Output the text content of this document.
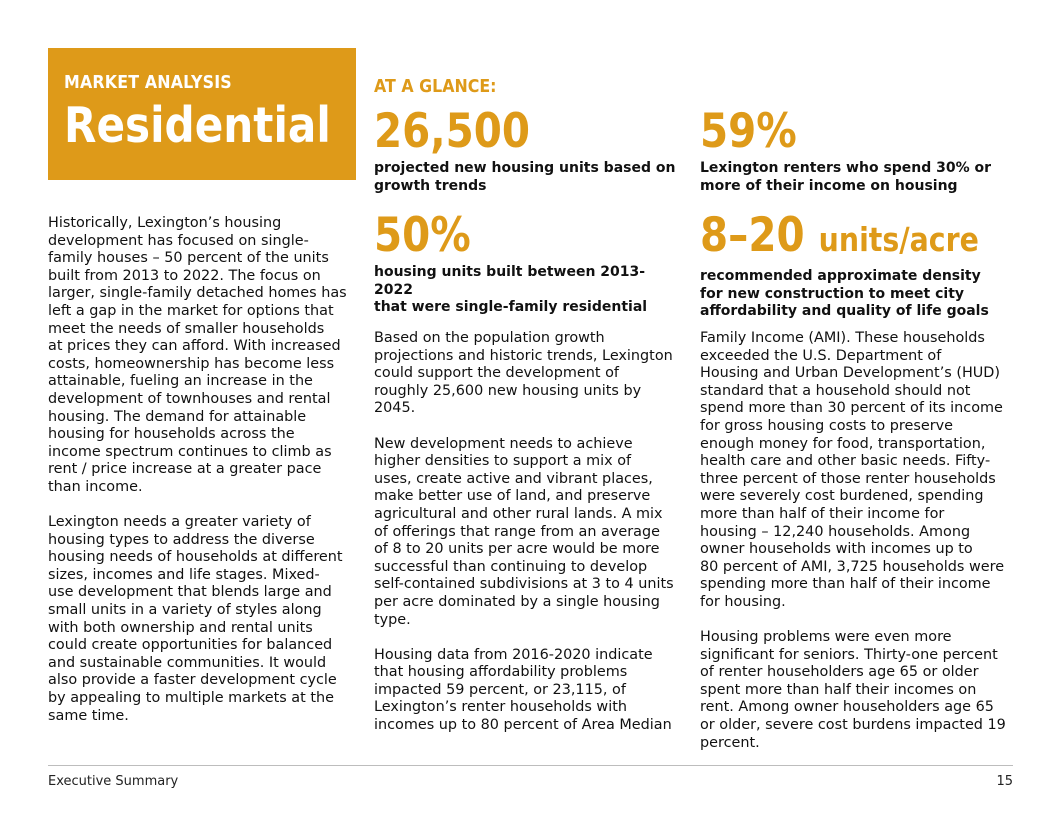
MARKET ANALYSIS
Residential
AT A GLANCE:
26,500
projected new housing units based on
growth trends
59%
Lexington renters who spend 30% or
more of their income on housing
50%
housing units built between 2013-2022
that were single-family residential
8–20 units/acre
recommended approximate density
for new construction to meet city
affordability and quality of life goals

Historically, Lexington’s housing
development has focused on single-
family houses – 50 percent of the units
built from 2013 to 2022. The focus on
larger, single-family detached homes has
left a gap in the market for options that
meet the needs of smaller households
at prices they can afford. With increased
costs, homeownership has become less
attainable, fueling an increase in the
development of townhouses and rental
housing. The demand for attainable
housing for households across the
income spectrum continues to climb as
rent / price increase at a greater pace
than income.

Lexington needs a greater variety of
housing types to address the diverse
housing needs of households at different
sizes, incomes and life stages. Mixed-
use development that blends large and
small units in a variety of styles along
with both ownership and rental units
could create opportunities for balanced
and sustainable communities. It would
also provide a faster development cycle
by appealing to multiple markets at the
same time.

Based on the population growth
projections and historic trends, Lexington
could support the development of
roughly 25,600 new housing units by
2045.

New development needs to achieve
higher densities to support a mix of
uses, create active and vibrant places,
make better use of land, and preserve
agricultural and other rural lands. A mix
of offerings that range from an average
of 8 to 20 units per acre would be more
successful than continuing to develop
self-contained subdivisions at 3 to 4 units
per acre dominated by a single housing
type.

Housing data from 2016-2020 indicate
that housing affordability problems
impacted 59 percent, or 23,115, of
Lexington’s renter households with
incomes up to 80 percent of Area Median

Family Income (AMI). These households
exceeded the U.S. Department of
Housing and Urban Development’s (HUD)
standard that a household should not
spend more than 30 percent of its income
for gross housing costs to preserve
enough money for food, transportation,
health care and other basic needs. Fifty-
three percent of those renter households
were severely cost burdened, spending
more than half of their income for
housing – 12,240 households. Among
owner households with incomes up to
80 percent of AMI, 3,725 households were
spending more than half of their income
for housing.

Housing problems were even more
significant for seniors. Thirty-one percent
of renter householders age 65 or older
spent more than half their incomes on
rent. Among owner householders age 65
or older, severe cost burdens impacted 19
percent.

Executive Summary	15
